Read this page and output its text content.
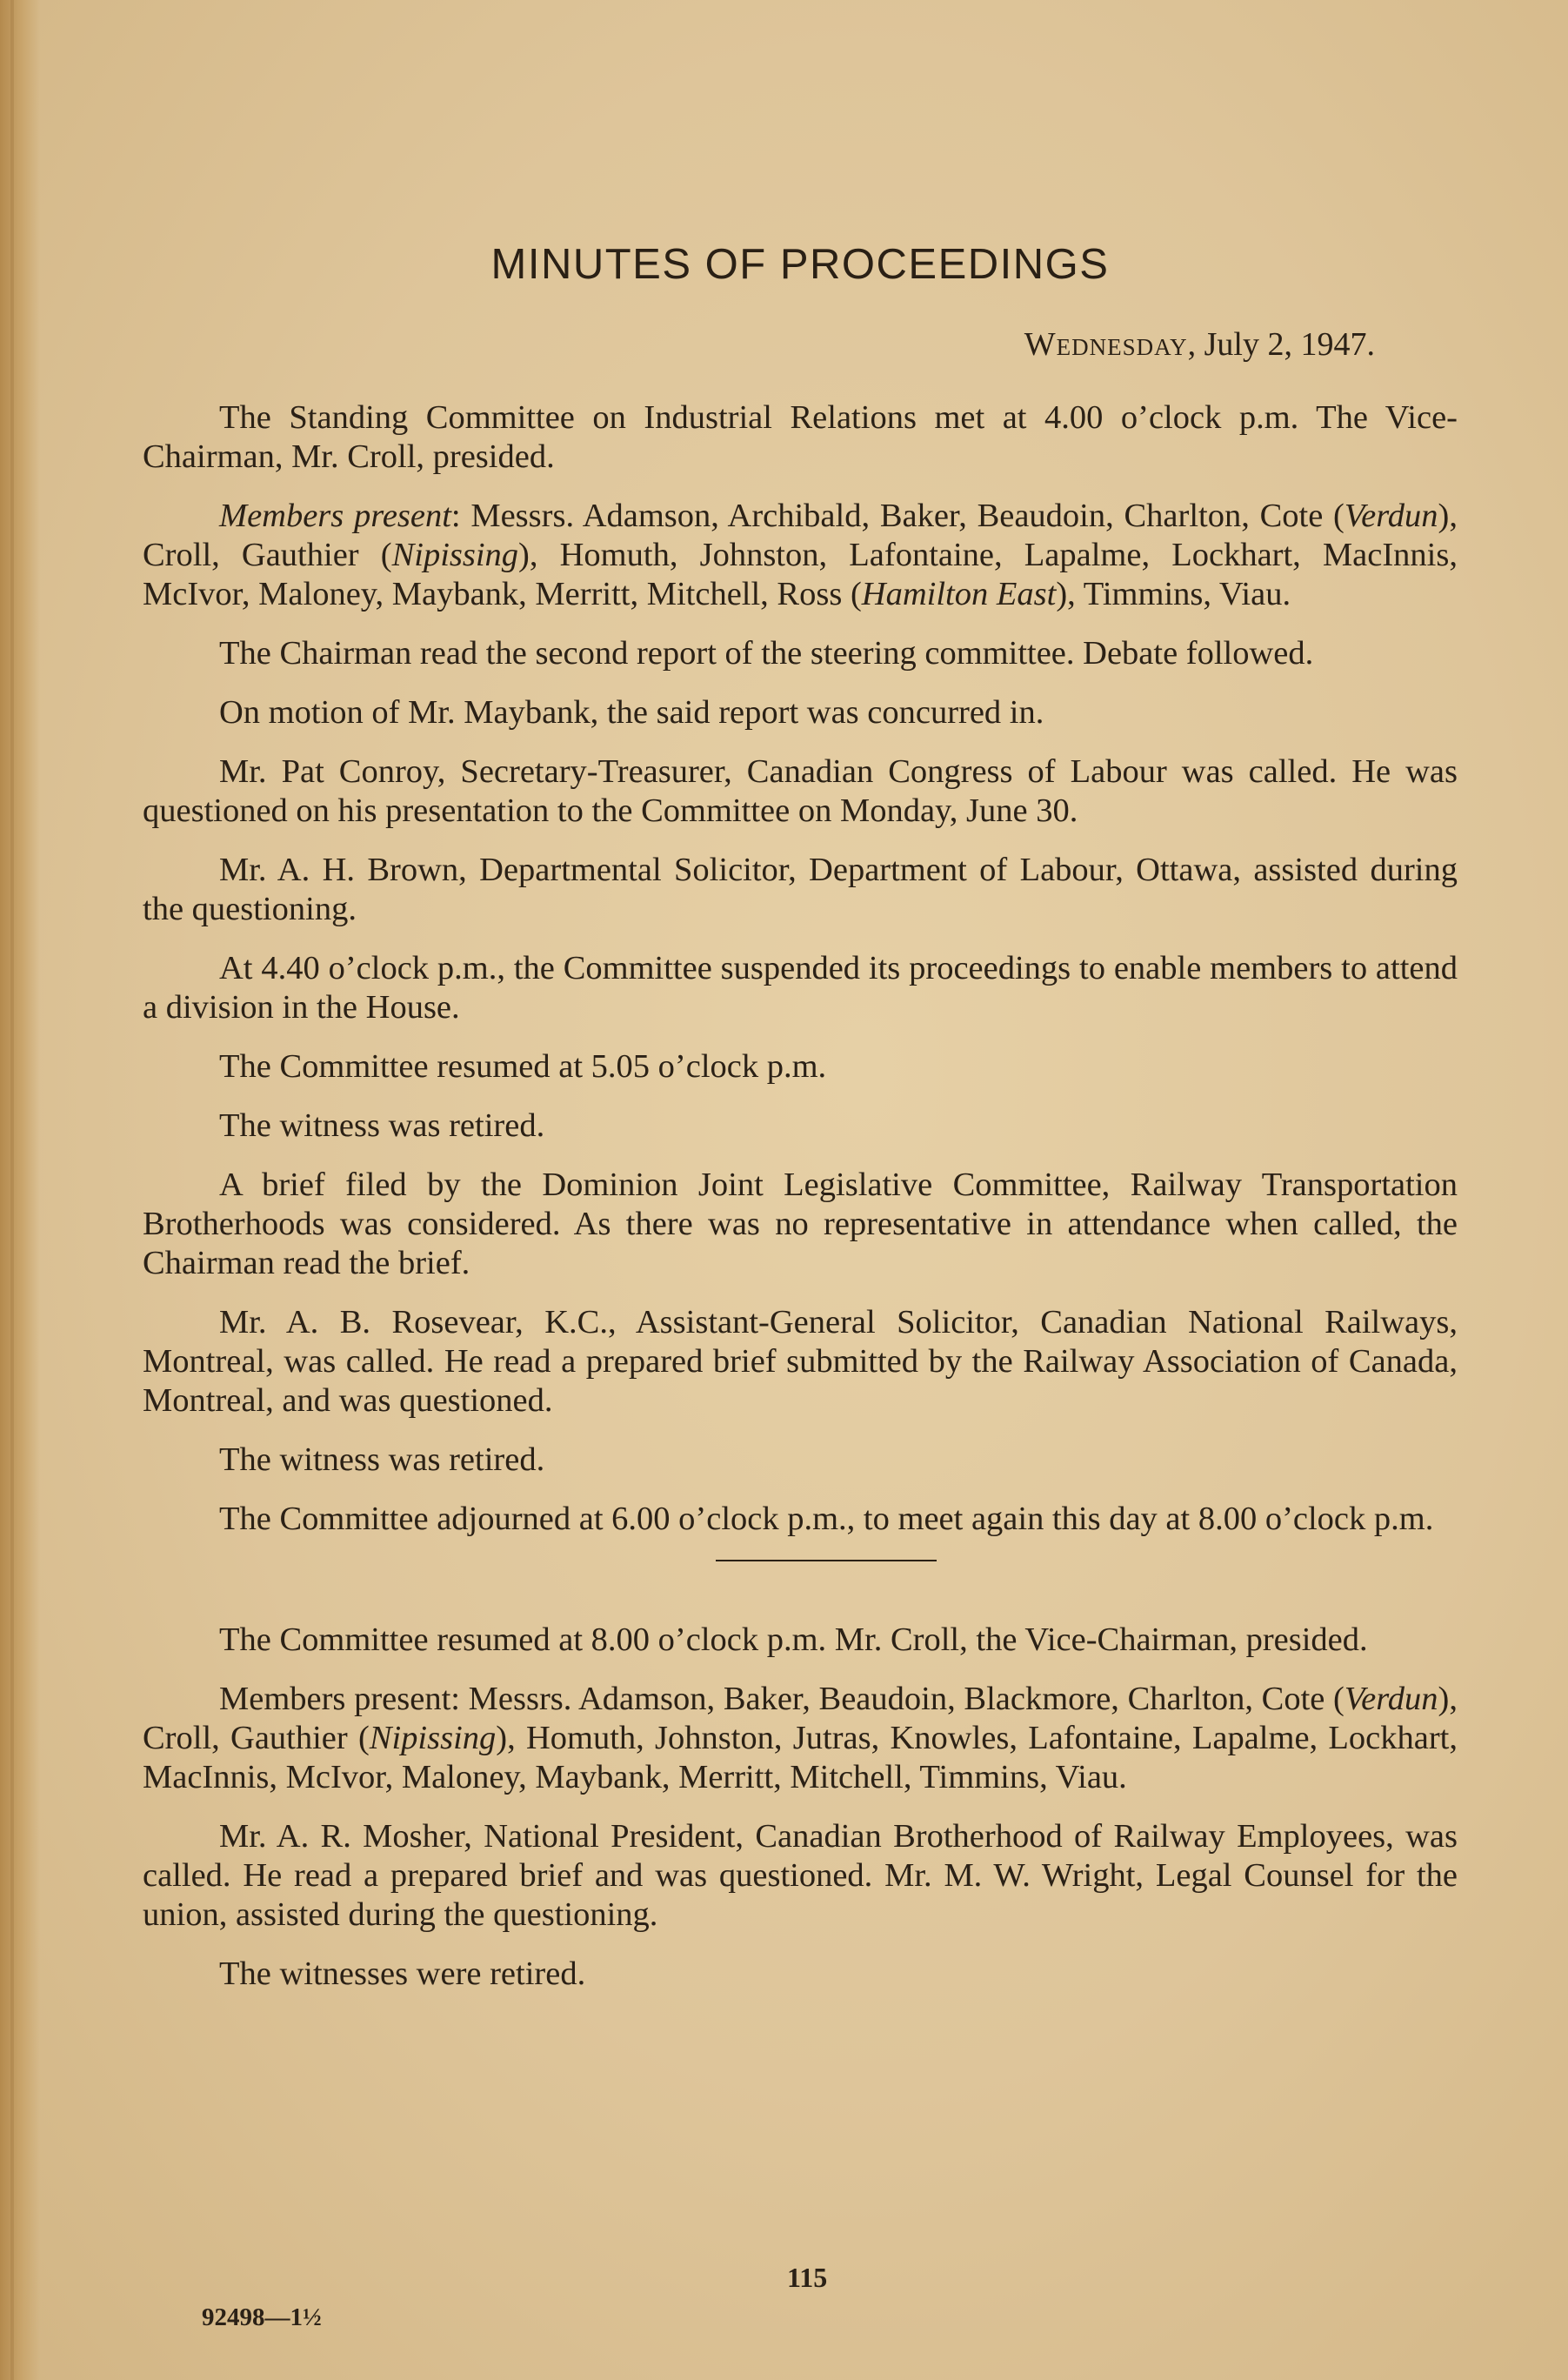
MINUTES OF PROCEEDINGS
Wednesday, July 2, 1947.

The Standing Committee on Industrial Relations met at 4.00 o’clock p.m. The Vice-Chairman, Mr. Croll, presided.

Members present: Messrs. Adamson, Archibald, Baker, Beaudoin, Charlton, Cote (Verdun), Croll, Gauthier (Nipissing), Homuth, Johnston, Lafontaine, Lapalme, Lockhart, MacInnis, McIvor, Maloney, Maybank, Merritt, Mitchell, Ross (Hamilton East), Timmins, Viau.

The Chairman read the second report of the steering committee. Debate followed.

On motion of Mr. Maybank, the said report was concurred in.

Mr. Pat Conroy, Secretary-Treasurer, Canadian Congress of Labour was called. He was questioned on his presentation to the Committee on Monday, June 30.

Mr. A. H. Brown, Departmental Solicitor, Department of Labour, Ottawa, assisted during the questioning.

At 4.40 o’clock p.m., the Committee suspended its proceedings to enable members to attend a division in the House.

The Committee resumed at 5.05 o’clock p.m.

The witness was retired.

A brief filed by the Dominion Joint Legislative Committee, Railway Transportation Brotherhoods was considered. As there was no representative in attendance when called, the Chairman read the brief.

Mr. A. B. Rosevear, K.C., Assistant-General Solicitor, Canadian National Railways, Montreal, was called. He read a prepared brief submitted by the Railway Association of Canada, Montreal, and was questioned.

The witness was retired.

The Committee adjourned at 6.00 o’clock p.m., to meet again this day at 8.00 o’clock p.m.

The Committee resumed at 8.00 o’clock p.m. Mr. Croll, the Vice-Chairman, presided.

Members present: Messrs. Adamson, Baker, Beaudoin, Blackmore, Charlton, Cote (Verdun), Croll, Gauthier (Nipissing), Homuth, Johnston, Jutras, Knowles, Lafontaine, Lapalme, Lockhart, MacInnis, McIvor, Maloney, Maybank, Merritt, Mitchell, Timmins, Viau.

Mr. A. R. Mosher, National President, Canadian Brotherhood of Railway Employees, was called. He read a prepared brief and was questioned. Mr. M. W. Wright, Legal Counsel for the union, assisted during the questioning.

The witnesses were retired.

115
92498—1½
